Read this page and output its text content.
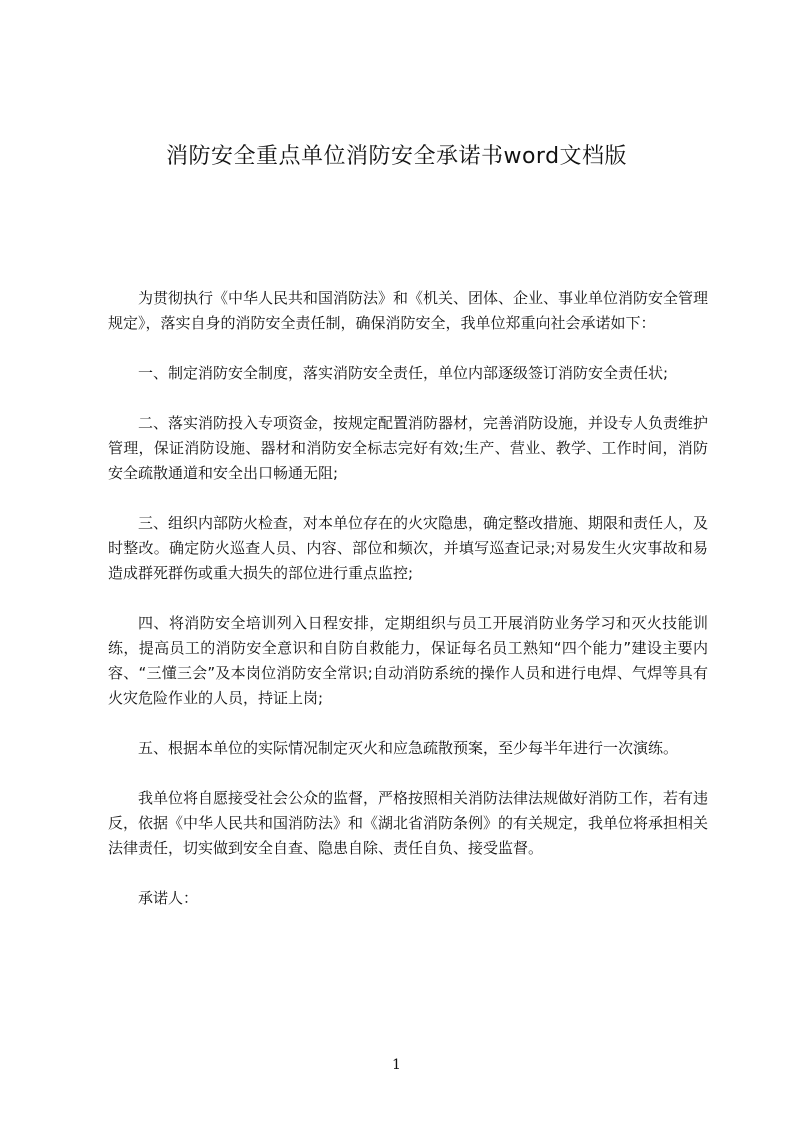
消防安全重点单位消防安全承诺书word文档版

为贯彻执行《中华人民共和国消防法》和《机关、团体、企业、事业单位消防安全管理规定》，落实自身的消防安全责任制，确保消防安全，我单位郑重向社会承诺如下：

一、制定消防安全制度，落实消防安全责任，单位内部逐级签订消防安全责任状;

二、落实消防投入专项资金，按规定配置消防器材，完善消防设施，并设专人负责维护管理，保证消防设施、器材和消防安全标志完好有效;生产、营业、教学、工作时间，消防安全疏散通道和安全出口畅通无阻;

三、组织内部防火检查，对本单位存在的火灾隐患，确定整改措施、期限和责任人，及时整改。确定防火巡查人员、内容、部位和频次，并填写巡查记录;对易发生火灾事故和易造成群死群伤或重大损失的部位进行重点监控;

四、将消防安全培训列入日程安排，定期组织与员工开展消防业务学习和灭火技能训练，提高员工的消防安全意识和自防自救能力，保证每名员工熟知“四个能力”建设主要内容、“三懂三会”及本岗位消防安全常识;自动消防系统的操作人员和进行电焊、气焊等具有火灾危险作业的人员，持证上岗;

五、根据本单位的实际情况制定灭火和应急疏散预案，至少每半年进行一次演练。

我单位将自愿接受社会公众的监督，严格按照相关消防法律法规做好消防工作，若有违反，依据《中华人民共和国消防法》和《湖北省消防条例》的有关规定，我单位将承担相关法律责任，切实做到安全自查、隐患自除、责任自负、接受监督。

承诺人：

1
